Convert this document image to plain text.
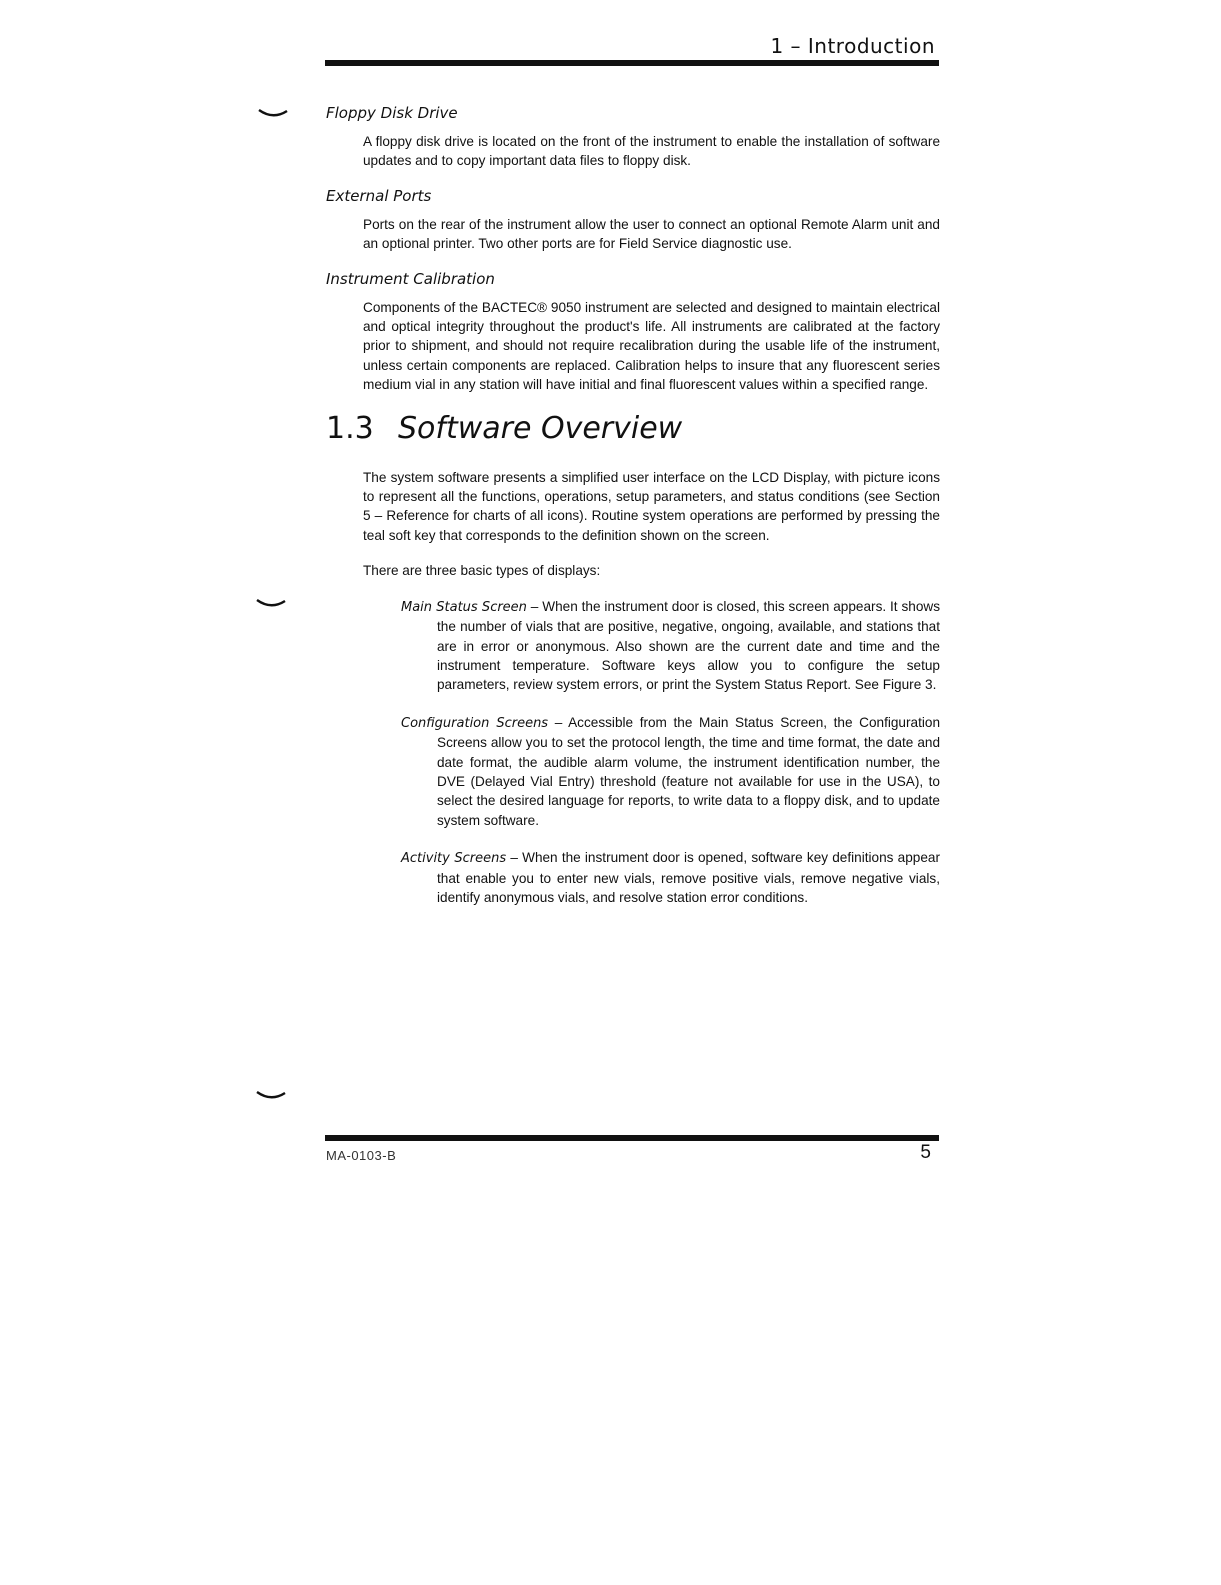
1 – Introduction
Floppy Disk Drive

A floppy disk drive is located on the front of the instrument to enable the installation of software updates and to copy important data files to floppy disk.

External Ports

Ports on the rear of the instrument allow the user to connect an optional Remote Alarm unit and an optional printer. Two other ports are for Field Service diagnostic use.

Instrument Calibration

Components of the BACTEC® 9050 instrument are selected and designed to maintain electrical and optical integrity throughout the product's life. All instruments are calibrated at the factory prior to shipment, and should not require recalibration during the usable life of the instrument, unless certain components are replaced. Calibration helps to insure that any fluorescent series medium vial in any station will have initial and final fluorescent values within a specified range.

1.3 Software Overview

The system software presents a simplified user interface on the LCD Display, with picture icons to represent all the functions, operations, setup parameters, and status conditions (see Section 5 – Reference for charts of all icons). Routine system operations are performed by pressing the teal soft key that corresponds to the definition shown on the screen.

There are three basic types of displays:

Main Status Screen – When the instrument door is closed, this screen appears. It shows the number of vials that are positive, negative, ongoing, available, and stations that are in error or anonymous. Also shown are the current date and time and the instrument temperature. Software keys allow you to configure the setup parameters, review system errors, or print the System Status Report. See Figure 3.
Configuration Screens – Accessible from the Main Status Screen, the Configuration Screens allow you to set the protocol length, the time and time format, the date and date format, the audible alarm volume, the instrument identification number, the DVE (Delayed Vial Entry) threshold (feature not available for use in the USA), to select the desired language for reports, to write data to a floppy disk, and to update system software.
Activity Screens – When the instrument door is opened, software key definitions appear that enable you to enter new vials, remove positive vials, remove negative vials, identify anonymous vials, and resolve station error conditions.
MA-0103-B	5
